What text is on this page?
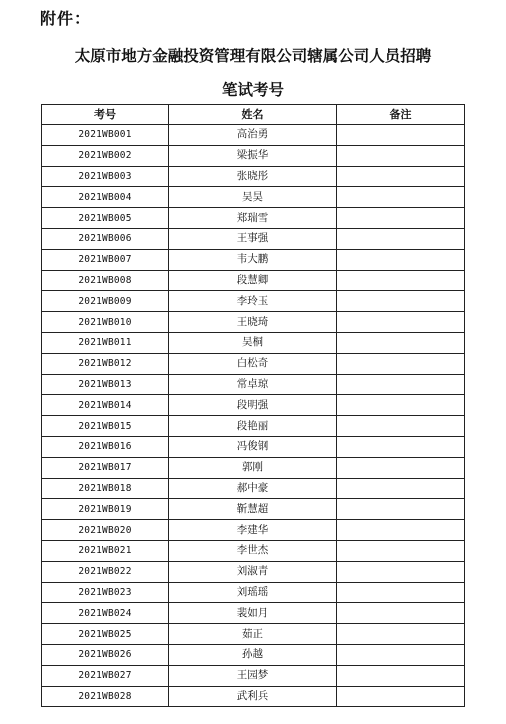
附件：
太原市地方金融投资管理有限公司辖属公司人员招聘
笔试考号
考号	姓名	备注
2021WB001	高治勇	
2021WB002	梁振华	
2021WB003	张晓彤	
2021WB004	吴昊	
2021WB005	郑瑞雪	
2021WB006	王事强	
2021WB007	韦大鹏	
2021WB008	段慧卿	
2021WB009	李玲玉	
2021WB010	王晓琦	
2021WB011	吴桐	
2021WB012	白松奇	
2021WB013	常卓琼	
2021WB014	段明强	
2021WB015	段艳丽	
2021WB016	冯俊钢	
2021WB017	郭刚	
2021WB018	郝中豪	
2021WB019	靳慧超	
2021WB020	李建华	
2021WB021	李世杰	
2021WB022	刘淑青	
2021WB023	刘瑶瑶	
2021WB024	裴如月	
2021WB025	茹正	
2021WB026	孙越	
2021WB027	王园梦	
2021WB028	武利兵	
